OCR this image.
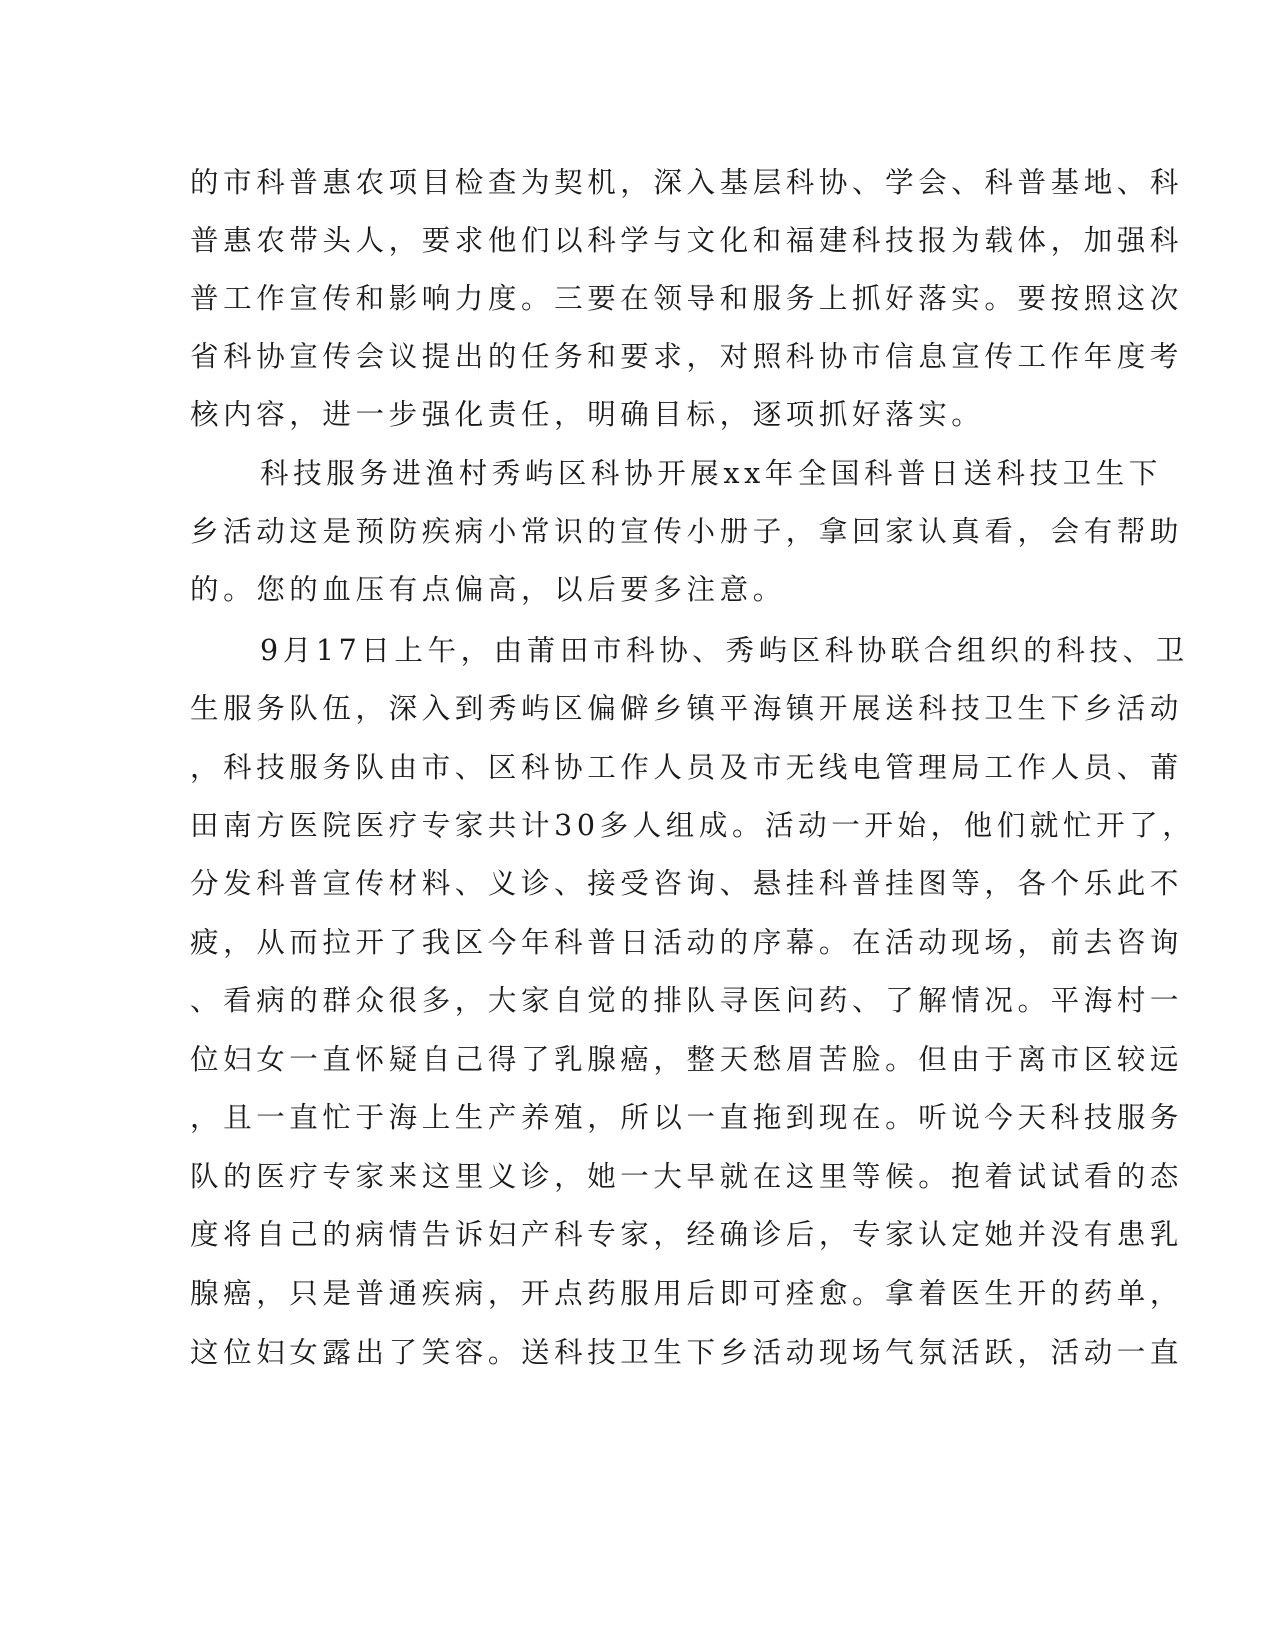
的市科普惠农项目检查为契机，深入基层科协、学会、科普基地、科
普惠农带头人，要求他们以科学与文化和福建科技报为载体，加强科
普工作宣传和影响力度。三要在领导和服务上抓好落实。要按照这次
省科协宣传会议提出的任务和要求，对照科协市信息宣传工作年度考
核内容，进一步强化责任，明确目标，逐项抓好落实。
科技服务进渔村秀屿区科协开展xx年全国科普日送科技卫生下
乡活动这是预防疾病小常识的宣传小册子，拿回家认真看，会有帮助
的。您的血压有点偏高，以后要多注意。
9月17日上午，由莆田市科协、秀屿区科协联合组织的科技、卫
生服务队伍，深入到秀屿区偏僻乡镇平海镇开展送科技卫生下乡活动
，科技服务队由市、区科协工作人员及市无线电管理局工作人员、莆
田南方医院医疗专家共计30多人组成。活动一开始，他们就忙开了，
分发科普宣传材料、义诊、接受咨询、悬挂科普挂图等，各个乐此不
疲，从而拉开了我区今年科普日活动的序幕。在活动现场，前去咨询
、看病的群众很多，大家自觉的排队寻医问药、了解情况。平海村一
位妇女一直怀疑自己得了乳腺癌，整天愁眉苦脸。但由于离市区较远
，且一直忙于海上生产养殖，所以一直拖到现在。听说今天科技服务
队的医疗专家来这里义诊，她一大早就在这里等候。抱着试试看的态
度将自己的病情告诉妇产科专家，经确诊后，专家认定她并没有患乳
腺癌，只是普通疾病，开点药服用后即可痊愈。拿着医生开的药单，
这位妇女露出了笑容。送科技卫生下乡活动现场气氛活跃，活动一直
